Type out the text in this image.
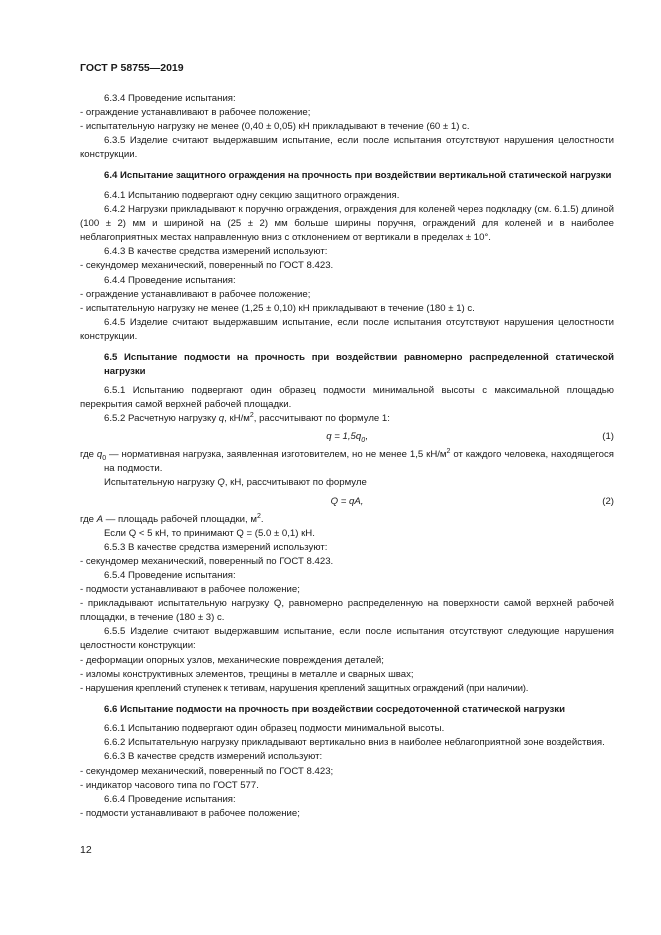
ГОСТ Р 58755—2019

6.3.4 Проведение испытания:

- ограждение устанавливают в рабочее положение;

- испытательную нагрузку не менее (0,40 ± 0,05) кН прикладывают в течение (60 ± 1) с.

6.3.5 Изделие считают выдержавшим испытание, если после испытания отсутствуют нарушения целостности конструкции.

6.4 Испытание защитного ограждения на прочность при воздействии вертикальной статической нагрузки

6.4.1 Испытанию подвергают одну секцию защитного ограждения.

6.4.2 Нагрузки прикладывают к поручню ограждения, ограждения для коленей через подкладку (см. 6.1.5) длиной (100 ± 2) мм и шириной на (25 ± 2) мм больше ширины поручня, ограждений для коленей и в наиболее неблагоприятных местах направленную вниз с отклонением от вертикали в пределах ± 10°.

6.4.3 В качестве средства измерений используют:

- секундомер механический, поверенный по ГОСТ 8.423.

6.4.4 Проведение испытания:

- ограждение устанавливают в рабочее положение;

- испытательную нагрузку не менее (1,25 ± 0,10) кН прикладывают в течение (180 ± 1) с.

6.4.5 Изделие считают выдержавшим испытание, если после испытания отсутствуют нарушения целостности конструкции.

6.5 Испытание подмости на прочность при воздействии равномерно распределенной статической нагрузки

6.5.1 Испытанию подвергают один образец подмости минимальной высоты с максимальной площадью перекрытия самой верхней рабочей площадки.

6.5.2 Расчетную нагрузку q, $кН/м^2$, рассчитывают по формуле 1:

$q = 1,5q_0$,	(1)

где $q_0$ — нормативная нагрузка, заявленная изготовителем, но не менее 1,5 $кН/м^2$ от каждого человека, находящегося на подмости.

Испытательную нагрузку Q, кН, рассчитывают по формуле

Q = qA,	(2)

где A — площадь рабочей площадки, $м^2$.

Если Q < 5 кН, то принимают Q = (5.0 ± 0,1) кН.

6.5.3 В качестве средства измерений используют:

- секундомер механический, поверенный по ГОСТ 8.423.

6.5.4 Проведение испытания:

- подмости устанавливают в рабочее положение;

- прикладывают испытательную нагрузку Q, равномерно распределенную на поверхности самой верхней рабочей площадки, в течение (180 ± 3) с.

6.5.5 Изделие считают выдержавшим испытание, если после испытания отсутствуют следующие нарушения целостности конструкции:

- деформации опорных узлов, механические повреждения деталей;

- изломы конструктивных элементов, трещины в металле и сварных швах;

- нарушения креплений ступенек к тетивам, нарушения креплений защитных ограждений (при наличии).

6.6 Испытание подмости на прочность при воздействии сосредоточенной статической нагрузки

6.6.1 Испытанию подвергают один образец подмости минимальной высоты.

6.6.2 Испытательную нагрузку прикладывают вертикально вниз в наиболее неблагоприятной зоне воздействия.

6.6.3 В качестве средств измерений используют:

- секундомер механический, поверенный по ГОСТ 8.423;

- индикатор часового типа по ГОСТ 577.

6.6.4 Проведение испытания:

- подмости устанавливают в рабочее положение;

12
